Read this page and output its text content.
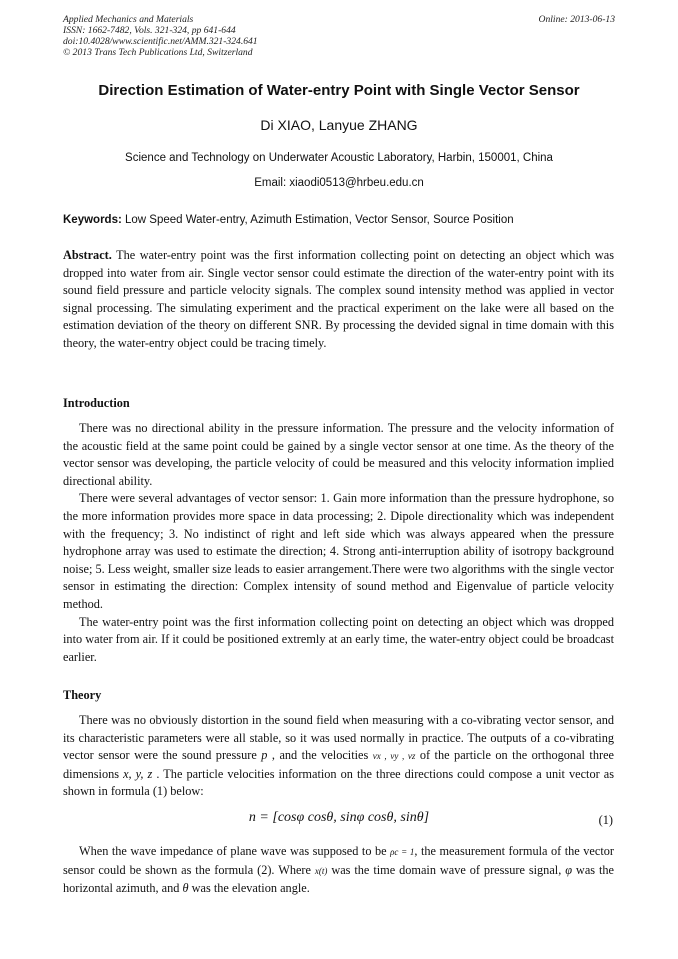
Applied Mechanics and Materials
ISSN: 1662-7482, Vols. 321-324, pp 641-644
doi:10.4028/www.scientific.net/AMM.321-324.641
© 2013 Trans Tech Publications Ltd, Switzerland
Online: 2013-06-13
Direction Estimation of Water-entry Point with Single Vector Sensor
Di XIAO, Lanyue ZHANG
Science and Technology on Underwater Acoustic Laboratory, Harbin, 150001, China
Email: xiaodi0513@hrbeu.edu.cn
Keywords: Low Speed Water-entry, Azimuth Estimation, Vector Sensor, Source Position
Abstract. The water-entry point was the first information collecting point on detecting an object which was dropped into water from air. Single vector sensor could estimate the direction of the water-entry point with its sound field pressure and particle velocity signals. The complex sound intensity method was applied in vector signal processing. The simulating experiment and the practical experiment on the lake were all based on the estimation deviation of the theory on different SNR. By processing the devided signal in time domain with this theory, the water-entry object could be tracing timely.
Introduction

There was no directional ability in the pressure information. The pressure and the velocity information of the acoustic field at the same point could be gained by a single vector sensor at one time. As the theory of the vector sensor was developing, the particle velocity of could be measured and this velocity information implied directional ability.

There were several advantages of vector sensor: 1. Gain more information than the pressure hydrophone, so the more information provides more space in data processing; 2. Dipole directionality which was independent with the frequency; 3. No indistinct of right and left side which was always appeared when the pressure hydrophone array was used to estimate the direction; 4. Strong anti-interruption ability of isotropy background noise; 5. Less weight, smaller size leads to easier arrangement.There were two algorithms with the single vector sensor in estimating the direction: Complex intensity of sound method and Eigenvalue of particle velocity method.

The water-entry point was the first information collecting point on detecting an object which was dropped into water from air. If it could be positioned extremly at an early time, the water-entry object could be broadcast earlier.

Theory

There was no obviously distortion in the sound field when measuring with a co-vibrating vector sensor, and its characteristic parameters were all stable, so it was used normally in practice. The outputs of a co-vibrating vector sensor were the sound pressure p , and the velocities vx , vy , vz of the particle on the orthogonal three dimensions x, y, z . The particle velocities information on the three directions could compose a unit vector as shown in formula (1) below:

n = [cosφ cosθ, sinφ cosθ, sinθ]	(1)

When the wave impedance of plane wave was supposed to be ρc = 1, the measurement formula of the vector sensor could be shown as the formula (2). Where x(t) was the time domain wave of pressure signal, φ was the horizontal azimuth, and θ was the elevation angle.
